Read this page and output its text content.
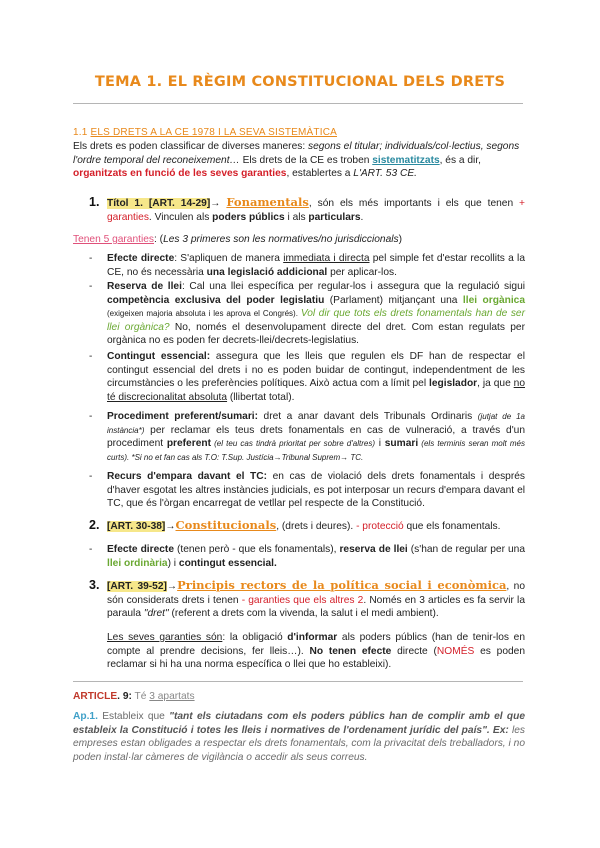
TEMA 1. EL RÈGIM CONSTITUCIONAL DELS DRETS
1.1 ELS DRETS A LA CE 1978 I LA SEVA SISTEMÀTICA
Els drets es poden classificar de diverses maneres: segons el titular; individuals/col·lectius, segons l'ordre temporal del reconeixement… Els drets de la CE es troben sistematitzats, és a dir, organitzats en funció de les seves garanties, establertes a L'ART. 53 CE.
1. Títol 1. [ART. 14-29]→ Fonamentals, són els més importants i els que tenen + garanties. Vinculen als poders públics i als particulars.
Tenen 5 garanties: (Les 3 primeres son les normatives/no jurisdiccionals)
- Efecte directe: S'apliquen de manera immediata i directa pel simple fet d'estar recollits a la CE, no és necessària una legislació addicional per aplicar-los.
- Reserva de llei: Cal una llei específica per regular-los i assegura que la regulació sigui competència exclusiva del poder legislatiu (Parlament) mitjançant una llei orgànica (exigeixen majoria absoluta i les aprova el Congrés). Vol dir que tots els drets fonamentals han de ser llei orgànica? No, només el desenvolupament directe del dret. Com estan regulats per orgànica no es poden fer decrets-llei/decrets-legislatius.
- Contingut essencial: assegura que les lleis que regulen els DF han de respectar el contingut essencial del drets i no es poden buidar de contingut, independentment de les circumstàncies o les preferències polítiques. Això actua com a límit pel legislador, ja que no té discrecionalitat absoluta (llibertat total).
- Procediment preferent/sumari: dret a anar davant dels Tribunals Ordinaris (jutjat de 1a instància*) per reclamar els teus drets fonamentals en cas de vulneració, a través d'un procediment preferent (el teu cas tindrà prioritat per sobre d'altres) i sumari (els terminis seran molt més curts). *Si no et fan cas als T.O: T.Sup. Justícia→Tribunal Suprem→ TC.
- Recurs d'empara davant el TC: en cas de violació dels drets fonamentals i després d'haver esgotat les altres instàncies judicials, es pot interposar un recurs d'empara davant el TC, que és l'òrgan encarregat de vetllar pel respecte de la Constitució.
2. [ART. 30-38]→Constitucionals, (drets i deures). - protecció que els fonamentals.
- Efecte directe (tenen però - que els fonamentals), reserva de llei (s'han de regular per una llei ordinària) i contingut essencial.
3. [ART. 39-52]→Principis rectors de la política social i econòmica, no són considerats drets i tenen - garanties que els altres 2. Només en 3 articles es fa servir la paraula "dret" (referent a drets com la vivenda, la salut i el medi ambient).
Les seves garanties són: la obligació d'informar als poders públics (han de tenir-los en compte al prendre decisions, fer lleis…). No tenen efecte directe (NOMÉS es poden reclamar si hi ha una norma específica o llei que ho estableixi).
ARTICLE. 9: Té 3 apartats
Ap.1. Estableix que "tant els ciutadans com els poders públics han de complir amb el que estableix la Constitució i totes les lleis i normatives de l'ordenament jurídic del país". Ex: les empreses estan obligades a respectar els drets fonamentals, com la privacitat dels treballadors, i no poden instal·lar càmeres de vigilància o accedir als seus correus.
